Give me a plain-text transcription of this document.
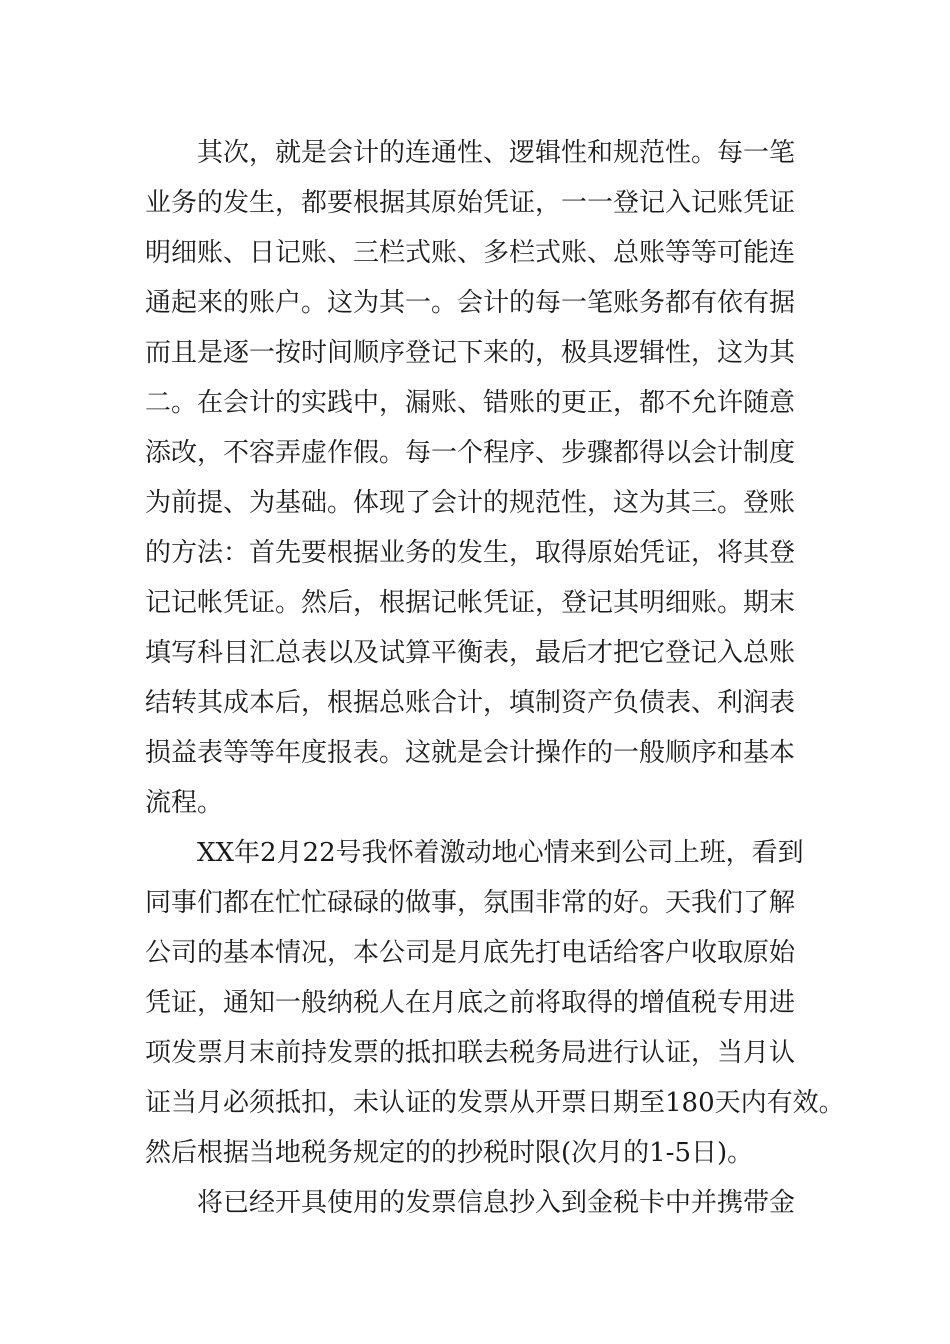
其次，就是会计的连通性、逻辑性和规范性。每一笔
业务的发生，都要根据其原始凭证，一一登记入记账凭证
明细账、日记账、三栏式账、多栏式账、总账等等可能连
通起来的账户。这为其一。会计的每一笔账务都有依有据
而且是逐一按时间顺序登记下来的，极具逻辑性，这为其
二。在会计的实践中，漏账、错账的更正，都不允许随意
添改，不容弄虚作假。每一个程序、步骤都得以会计制度
为前提、为基础。体现了会计的规范性，这为其三。登账
的方法：首先要根据业务的发生，取得原始凭证，将其登
记记帐凭证。然后，根据记帐凭证，登记其明细账。期末
填写科目汇总表以及试算平衡表，最后才把它登记入总账
结转其成本后，根据总账合计，填制资产负债表、利润表
损益表等等年度报表。这就是会计操作的一般顺序和基本
流程。
XX年2月22号我怀着激动地心情来到公司上班，看到
同事们都在忙忙碌碌的做事，氛围非常的好。天我们了解
公司的基本情况，本公司是月底先打电话给客户收取原始
凭证，通知一般纳税人在月底之前将取得的增值税专用进
项发票月末前持发票的抵扣联去税务局进行认证，当月认
证当月必须抵扣，未认证的发票从开票日期至180天内有效。
然后根据当地税务规定的的抄税时限(次月的1-5日)。
将已经开具使用的发票信息抄入到金税卡中并携带金
